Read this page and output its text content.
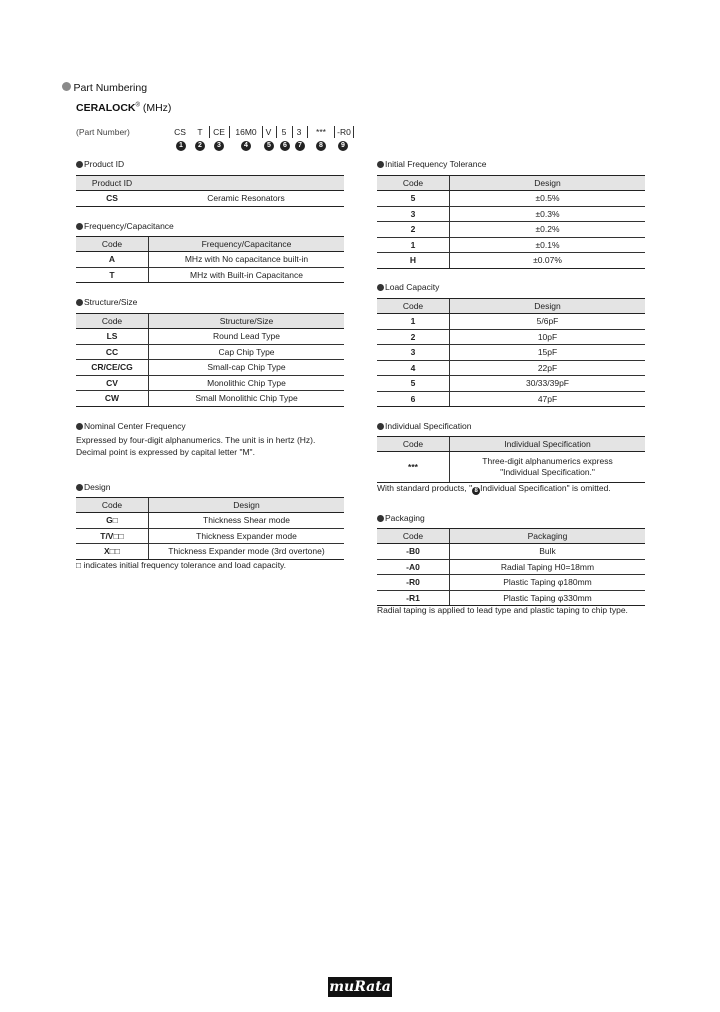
Part Numbering
CERALOCK® (MHz)
(Part Number)	CS	T	CE	16M0	V	5	3	***	-R0
1	2	3	4	5	6	7	8	9
Product ID
Product ID	
CS	Ceramic Resonators
Frequency/Capacitance
Code	Frequency/Capacitance
A	MHz with No capacitance built-in
T	MHz with Built-in Capacitance
Structure/Size
Code	Structure/Size
LS	Round Lead Type
CC	Cap Chip Type
CR/CE/CG	Small-cap Chip Type
CV	Monolithic Chip Type
CW	Small Monolithic Chip Type
Nominal Center Frequency
Expressed by four-digit alphanumerics. The unit is in hertz (Hz).
Decimal point is expressed by capital letter "M".
Design
Code	Design
G□	Thickness Shear mode
T/V□□	Thickness Expander mode
X□□	Thickness Expander mode (3rd overtone)
□ indicates initial frequency tolerance and load capacity.
Initial Frequency Tolerance
Code	Design
5	±0.5%
3	±0.3%
2	±0.2%
1	±0.1%
H	±0.07%
Load Capacity
Code	Design
1	5/6pF
2	10pF
3	15pF
4	22pF
5	30/33/39pF
6	47pF
Individual Specification
Code	Individual Specification
***	Three-digit alphanumerics express
"Individual Specification."
With standard products, " 8 Individual Specification" is omitted.
Packaging
Code	Packaging
-B0	Bulk
-A0	Radial Taping H0=18mm
-R0	Plastic Taping φ180mm
-R1	Plastic Taping φ330mm
Radial taping is applied to lead type and plastic taping to chip type.
muRata
